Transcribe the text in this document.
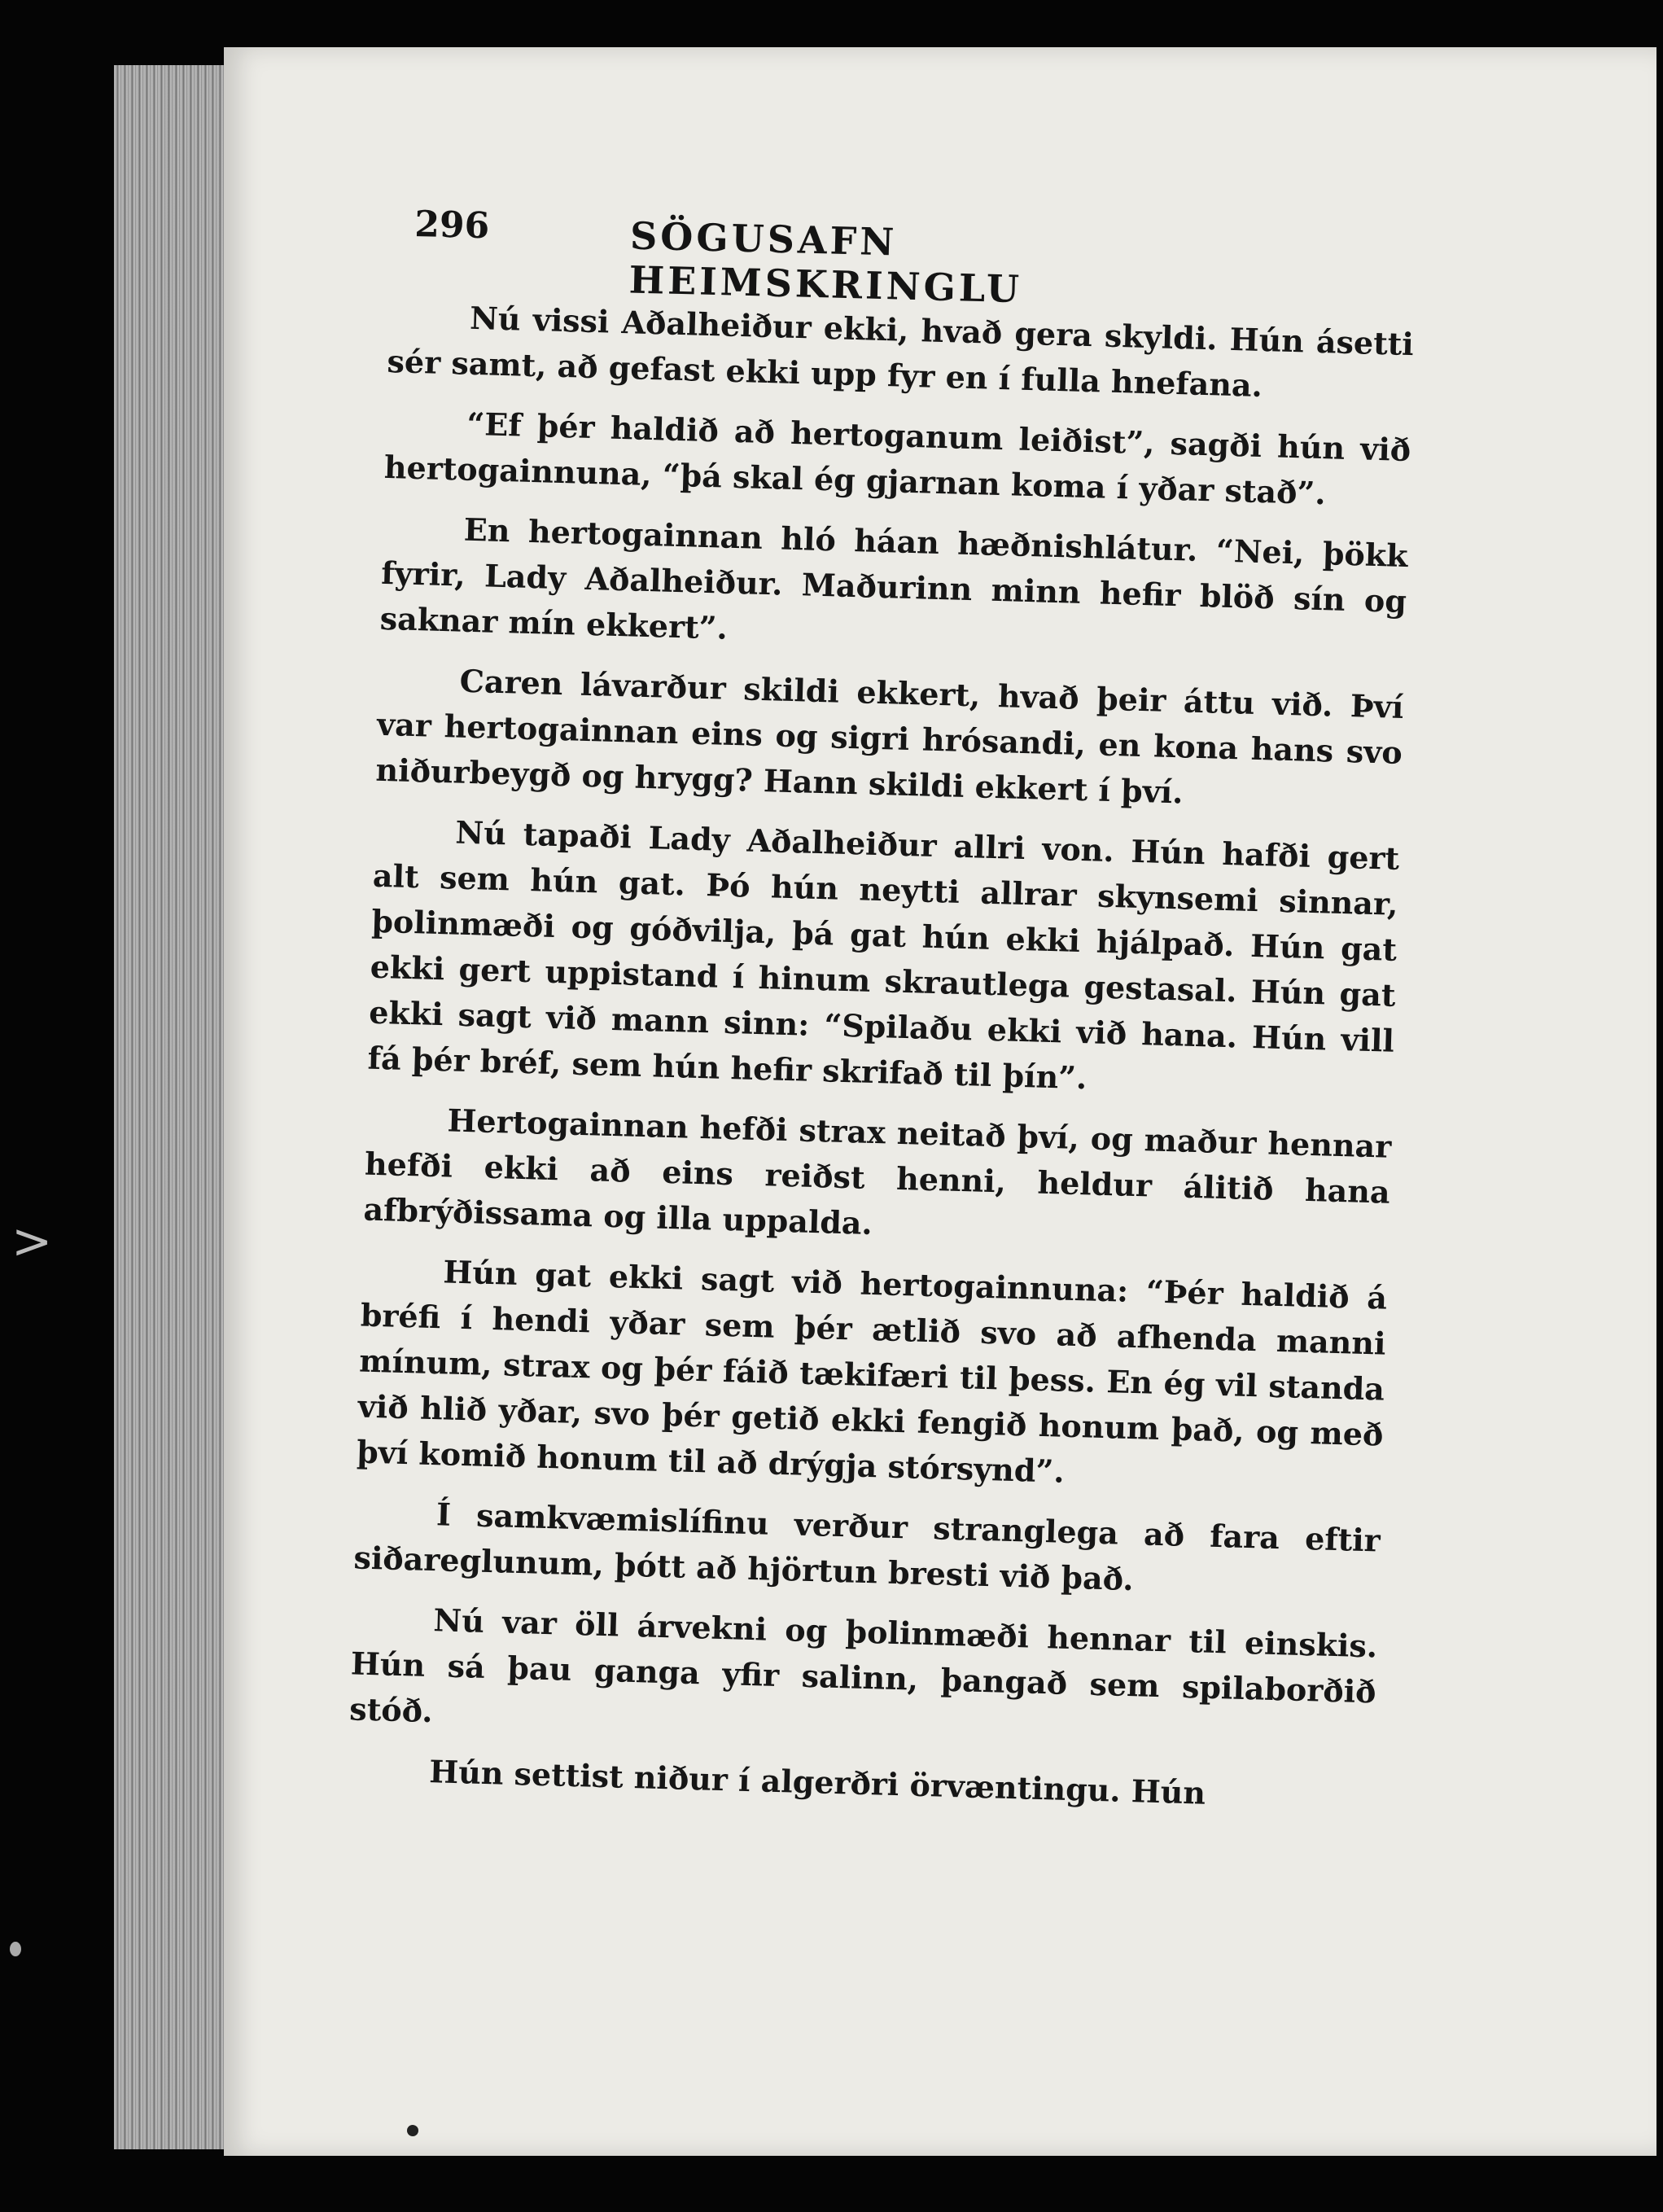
>
296	SÖGUSAFN HEIMSKRINGLU

Nú vissi Aðalheiður ekki, hvað gera skyldi. Hún ásetti sér samt, að gefast ekki upp fyr en í fulla hnefana.

“Ef þér haldið að hertoganum leiðist”, sagði hún við hertogainnuna, “þá skal ég gjarnan koma í yðar stað”.

En hertogainnan hló háan hæðnishlátur. “Nei, þökk fyrir, Lady Aðalheiður. Maðurinn minn hefir blöð sín og saknar mín ekkert”.

Caren lávarður skildi ekkert, hvað þeir áttu við. Því var hertogainnan eins og sigri hrósandi, en kona hans svo niðurbeygð og hrygg? Hann skildi ekkert í því.

Nú tapaði Lady Aðalheiður allri von. Hún hafði gert alt sem hún gat. Þó hún neytti allrar skynsemi sinnar, þolinmæði og góðvilja, þá gat hún ekki hjálpað. Hún gat ekki gert uppistand í hinum skrautlega gestasal. Hún gat ekki sagt við mann sinn: “Spilaðu ekki við hana. Hún vill fá þér bréf, sem hún hefir skrifað til þín”.

Hertogainnan hefði strax neitað því, og maður hennar hefði ekki að eins reiðst henni, heldur álitið hana afbrýðissama og illa uppalda.

Hún gat ekki sagt við hertogainnuna: “Þér haldið á bréfi í hendi yðar sem þér ætlið svo að afhenda manni mínum, strax og þér fáið tækifæri til þess. En ég vil standa við hlið yðar, svo þér getið ekki fengið honum það, og með því komið honum til að drýgja stórsynd”.

Í samkvæmislífinu verður stranglega að fara eftir siðareglunum, þótt að hjörtun bresti við það.

Nú var öll árvekni og þolinmæði hennar til einskis. Hún sá þau ganga yfir salinn, þangað sem spilaborðið stóð.

Hún settist niður í algerðri örvæntingu. Hún
